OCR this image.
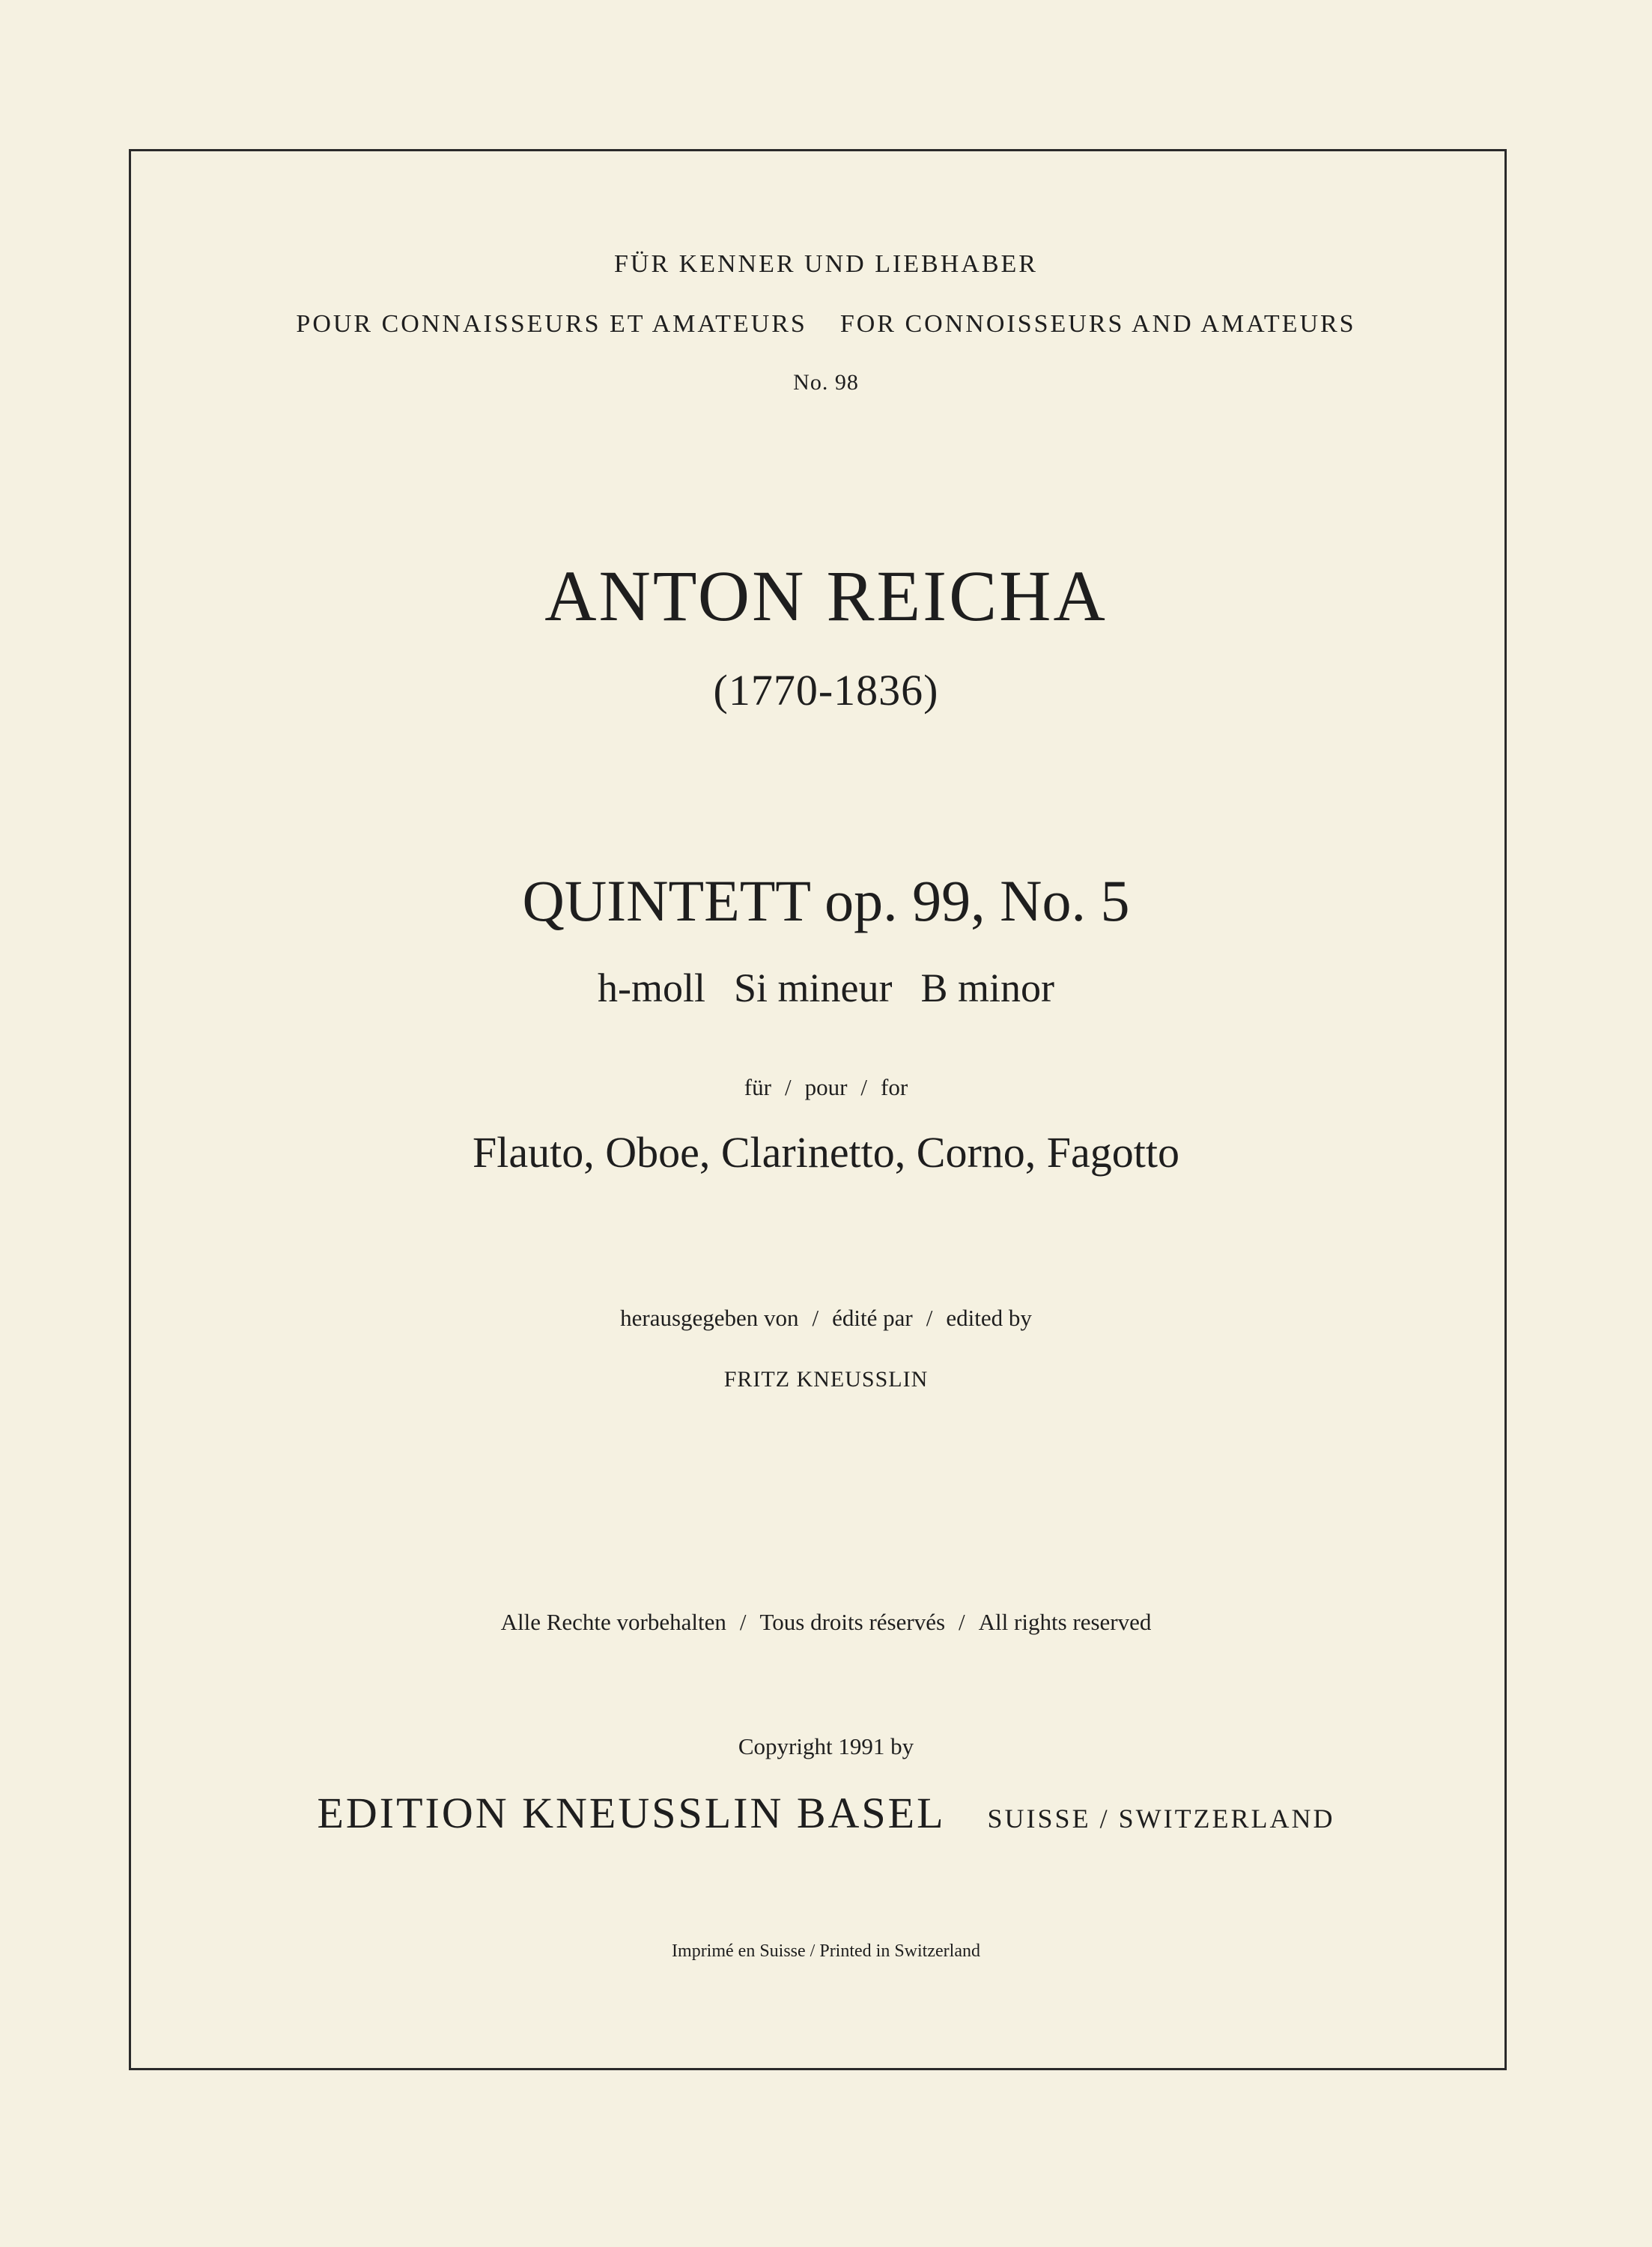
FÜR KENNER UND LIEBHABER
POUR CONNAISSEURS ET AMATEURS FOR CONNOISSEURS AND AMATEURS
No. 98
ANTON REICHA
(1770-1836)
QUINTETT op. 99, No. 5
h-moll Si mineur B minor
für / pour / for
Flauto, Oboe, Clarinetto, Corno, Fagotto
herausgegeben von / édité par / edited by
FRITZ KNEUSSLIN
Alle Rechte vorbehalten / Tous droits réservés / All rights reserved
Copyright 1991 by
EDITION KNEUSSLIN BASEL SUISSE / SWITZERLAND
Imprimé en Suisse / Printed in Switzerland
